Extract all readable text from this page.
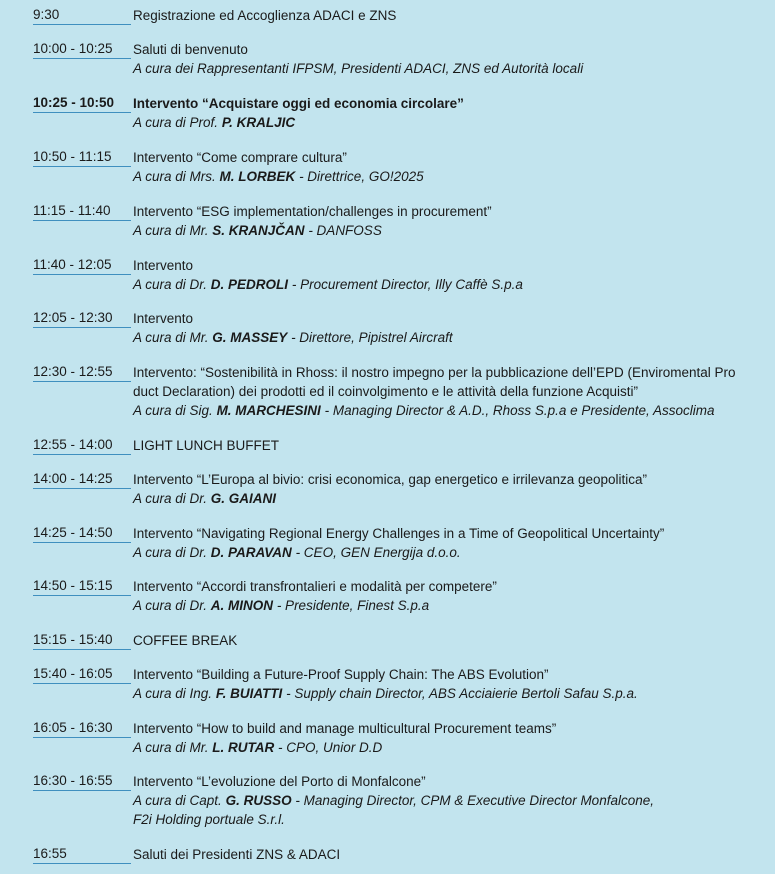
9:30	Registrazione ed Accoglienza ADACI e ZNS
10:00 - 10:25	Saluti di benvenuto
A cura dei Rappresentanti IFPSM, Presidenti ADACI, ZNS ed Autorità locali
10:25 - 10:50	Intervento “Acquistare oggi ed economia circolare”
A cura di Prof. P. KRALJIC
10:50 - 11:15	Intervento “Come comprare cultura”
A cura di Mrs. M. LORBEK - Direttrice, GO!2025
11:15 - 11:40	Intervento “ESG implementation/challenges in procurement”
A cura di Mr. S. KRANJČAN - DANFOSS
11:40 - 12:05	Intervento
A cura di Dr. D. PEDROLI - Procurement Director, Illy Caffè S.p.a
12:05 - 12:30	Intervento
A cura di Mr. G. MASSEY - Direttore, Pipistrel Aircraft
12:30 - 12:55	Intervento: “Sostenibilità in Rhoss: il nostro impegno per la pubblicazione dell’EPD (Enviromental Pro
duct Declaration) dei prodotti ed il coinvolgimento e le attività della funzione Acquisti”
A cura di Sig. M. MARCHESINI - Managing Director & A.D., Rhoss S.p.a e Presidente, Assoclima
12:55 - 14:00	LIGHT LUNCH BUFFET
14:00 - 14:25	Intervento “L’Europa al bivio: crisi economica, gap energetico e irrilevanza geopolitica”
A cura di Dr. G. GAIANI
14:25 - 14:50	Intervento “Navigating Regional Energy Challenges in a Time of Geopolitical Uncertainty”
A cura di Dr. D. PARAVAN - CEO, GEN Energija d.o.o.
14:50 - 15:15	Intervento “Accordi transfrontalieri e modalità per competere”
A cura di Dr. A. MINON - Presidente, Finest S.p.a
15:15 - 15:40	COFFEE BREAK
15:40 - 16:05	Intervento “Building a Future-Proof Supply Chain: The ABS Evolution”
A cura di Ing. F. BUIATTI - Supply chain Director, ABS Acciaierie Bertoli Safau S.p.a.
16:05 - 16:30	Intervento “How to build and manage multicultural Procurement teams”
A cura di Mr. L. RUTAR - CPO, Unior D.D
16:30 - 16:55	Intervento “L’evoluzione del Porto di Monfalcone”
A cura di Capt. G. RUSSO - Managing Director, CPM & Executive Director Monfalcone,
F2i Holding portuale S.r.l.
16:55	Saluti dei Presidenti ZNS & ADACI
